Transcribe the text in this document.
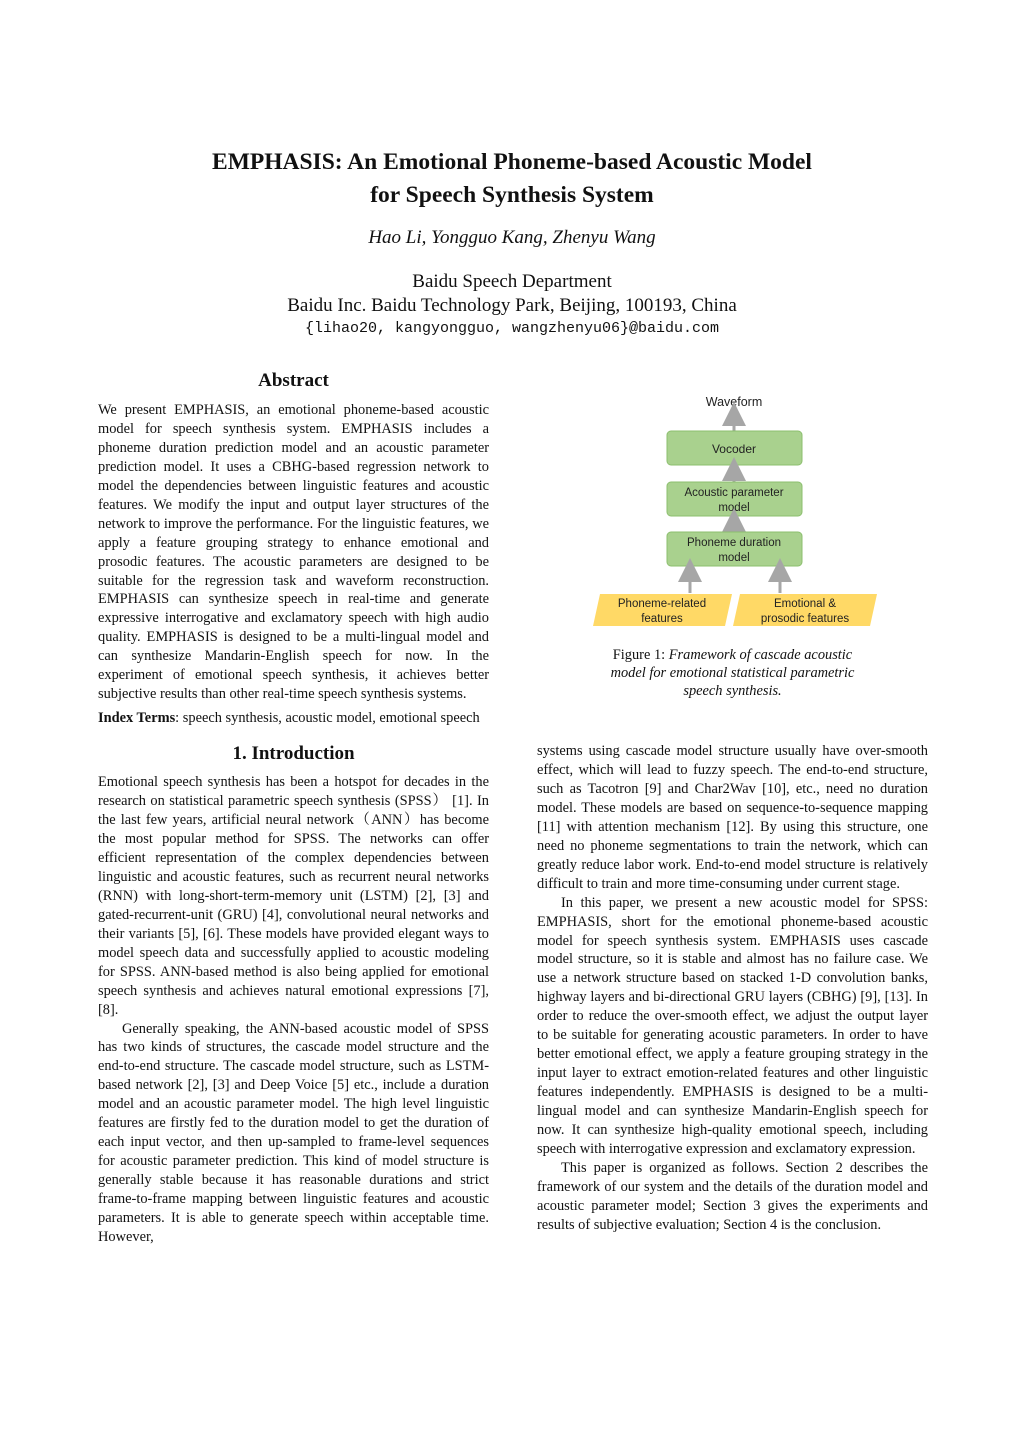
EMPHASIS: An Emotional Phoneme-based Acoustic Model
for Speech Synthesis System
Hao Li, Yongguo Kang, Zhenyu Wang
Baidu Speech Department
Baidu Inc. Baidu Technology Park, Beijing, 100193, China
{lihao20, kangyongguo, wangzhenyu06}@baidu.com
Abstract

We present EMPHASIS, an emotional phoneme-based acoustic model for speech synthesis system. EMPHASIS includes a phoneme duration prediction model and an acoustic parameter prediction model. It uses a CBHG-based regression network to model the dependencies between linguistic features and acoustic features. We modify the input and output layer structures of the network to improve the performance. For the linguistic features, we apply a feature grouping strategy to enhance emotional and prosodic features. The acoustic parameters are designed to be suitable for the regression task and waveform reconstruction. EMPHASIS can synthesize speech in real-time and generate expressive interrogative and exclamatory speech with high audio quality. EMPHASIS is designed to be a multi-lingual model and can synthesize Mandarin-English speech for now. In the experiment of emotional speech synthesis, it achieves better subjective results than other real-time speech synthesis systems.

Index Terms: speech synthesis, acoustic model, emotional speech

1. Introduction

Emotional speech synthesis has been a hotspot for decades in the research on statistical parametric speech synthesis (SPSS） [1]. In the last few years, artificial neural network（ANN）has become the most popular method for SPSS. The networks can offer efficient representation of the complex dependencies between linguistic and acoustic features, such as recurrent neural networks (RNN) with long-short-term-memory unit (LSTM) [2], [3] and gated-recurrent-unit (GRU) [4], convolutional neural networks and their variants [5], [6]. These models have provided elegant ways to model speech data and successfully applied to acoustic modeling for SPSS. ANN-based method is also being applied for emotional speech synthesis and achieves natural emotional expressions [7], [8].

Generally speaking, the ANN-based acoustic model of SPSS has two kinds of structures, the cascade model structure and the end-to-end structure. The cascade model structure, such as LSTM-based network [2], [3] and Deep Voice [5] etc., include a duration model and an acoustic parameter model. The high level linguistic features are firstly fed to the duration model to get the duration of each input vector, and then up-sampled to frame-level sequences for acoustic parameter prediction. This kind of model structure is generally stable because it has reasonable durations and strict frame-to-frame mapping between linguistic features and acoustic parameters. It is able to generate speech within acceptable time. However,

Waveform
Vocoder
Acoustic parameter
model
Phoneme duration
model
Phoneme-related
features
Emotional &
prosodic features
Figure 1: Framework of cascade acoustic
model for emotional statistical parametric
speech synthesis.

systems using cascade model structure usually have over-smooth effect, which will lead to fuzzy speech. The end-to-end structure, such as Tacotron [9] and Char2Wav [10], etc., need no duration model. These models are based on sequence-to-sequence mapping [11] with attention mechanism [12]. By using this structure, one need no phoneme segmentations to train the network, which can greatly reduce labor work. End-to-end model structure is relatively difficult to train and more time-consuming under current stage.

In this paper, we present a new acoustic model for SPSS: EMPHASIS, short for the emotional phoneme-based acoustic model for speech synthesis system. EMPHASIS uses cascade model structure, so it is stable and almost has no failure case. We use a network structure based on stacked 1-D convolution banks, highway layers and bi-directional GRU layers (CBHG) [9], [13]. In order to reduce the over-smooth effect, we adjust the output layer to be suitable for generating acoustic parameters. In order to have better emotional effect, we apply a feature grouping strategy in the input layer to extract emotion-related features and other linguistic features independently. EMPHASIS is designed to be a multi-lingual model and can synthesize Mandarin-English speech for now. It can synthesize high-quality emotional speech, including speech with interrogative expression and exclamatory expression.

This paper is organized as follows. Section 2 describes the framework of our system and the details of the duration model and acoustic parameter model; Section 3 gives the experiments and results of subjective evaluation; Section 4 is the conclusion.
